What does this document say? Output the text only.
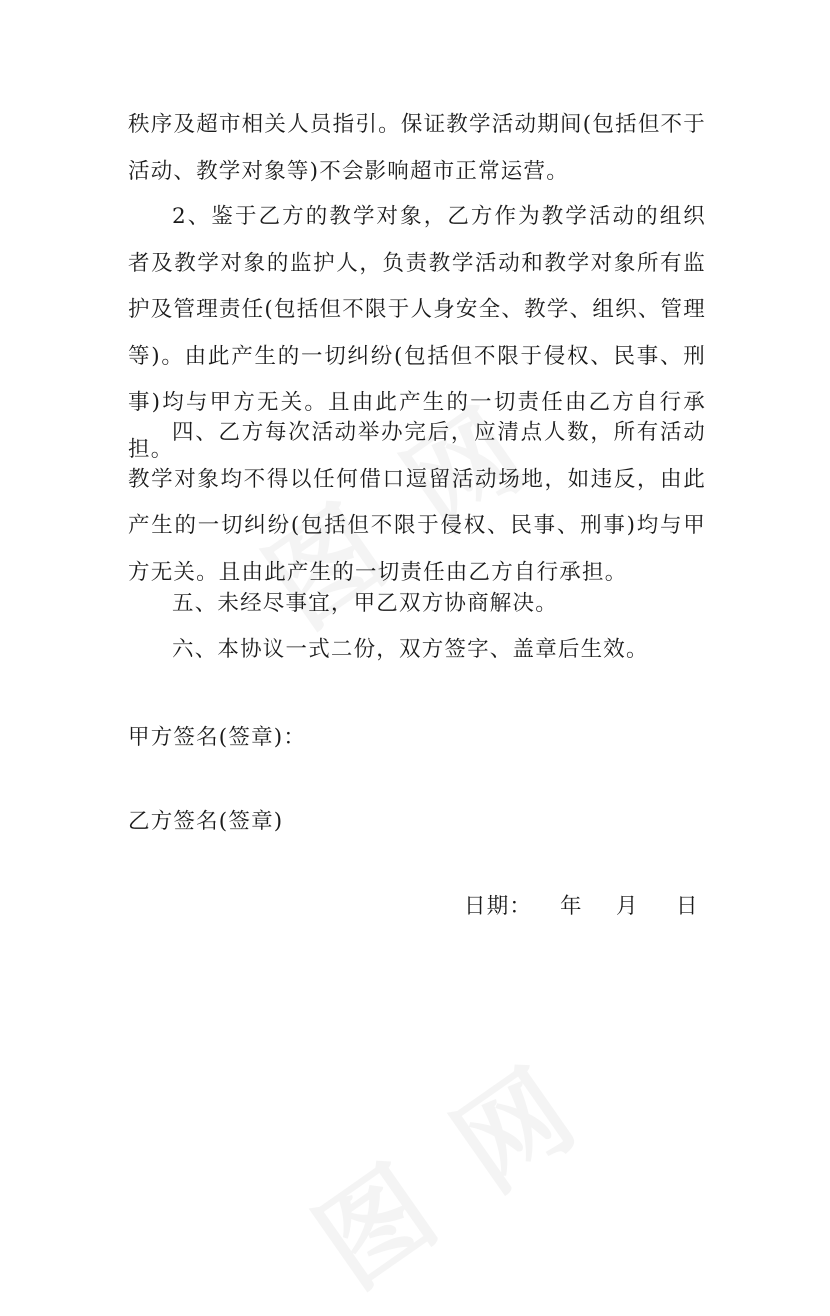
秩序及超市相关人员指引。保证教学活动期间(包括但不于活动、教学对象等)不会影响超市正常运营。

2、鉴于乙方的教学对象，乙方作为教学活动的组织者及教学对象的监护人，负责教学活动和教学对象所有监护及管理责任(包括但不限于人身安全、教学、组织、管理等)。由此产生的一切纠纷(包括但不限于侵权、民事、刑事)均与甲方无关。且由此产生的一切责任由乙方自行承担。

四、乙方每次活动举办完后，应清点人数，所有活动教学对象均不得以任何借口逗留活动场地，如违反，由此产生的一切纠纷(包括但不限于侵权、民事、刑事)均与甲方无关。且由此产生的一切责任由乙方自行承担。

五、未经尽事宜，甲乙双方协商解决。

六、本协议一式二份，双方签字、盖章后生效。

甲方签名(签章)：

乙方签名(签章)

日期：	年	月	日
